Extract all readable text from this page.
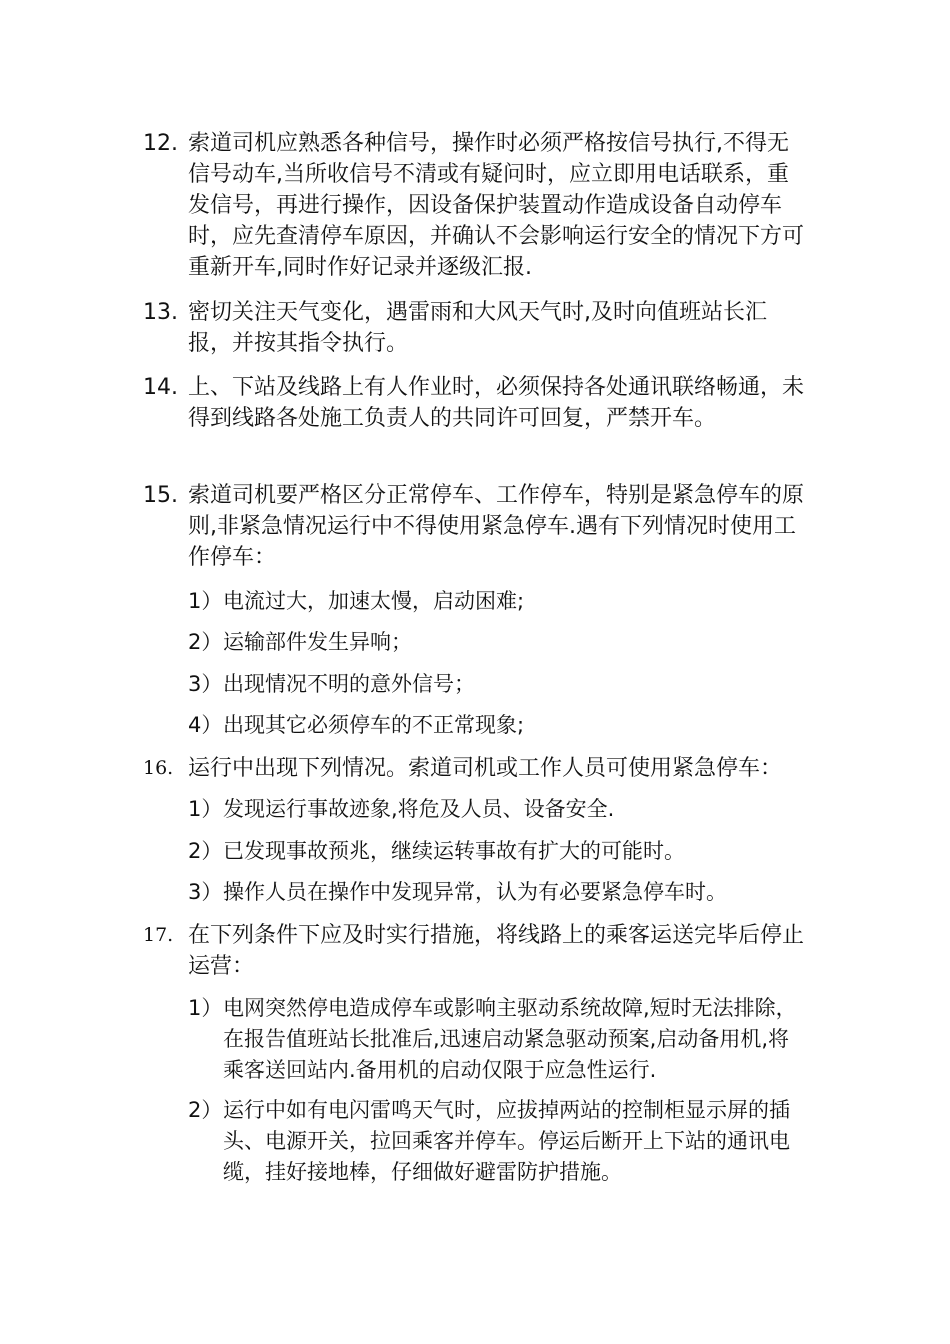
12. 索道司机应熟悉各种信号，操作时必须严格按信号执行,不得无信号动车,当所收信号不清或有疑问时，应立即用电话联系，重发信号，再进行操作，因设备保护装置动作造成设备自动停车时，应先查清停车原因，并确认不会影响运行安全的情况下方可重新开车,同时作好记录并逐级汇报.
13. 密切关注天气变化，遇雷雨和大风天气时,及时向值班站长汇报，并按其指令执行。
14. 上、下站及线路上有人作业时，必须保持各处通讯联络畅通，未得到线路各处施工负责人的共同许可回复，严禁开车。
15. 索道司机要严格区分正常停车、工作停车，特别是紧急停车的原则,非紧急情况运行中不得使用紧急停车.遇有下列情况时使用工作停车：
1） 电流过大，加速太慢，启动困难;
2） 运输部件发生异响；
3） 出现情况不明的意外信号；
4） 出现其它必须停车的不正常现象;
16. 运行中出现下列情况。索道司机或工作人员可使用紧急停车：
1） 发现运行事故迹象,将危及人员、设备安全.
2） 已发现事故预兆，继续运转事故有扩大的可能时。
3） 操作人员在操作中发现异常，认为有必要紧急停车时。
17. 在下列条件下应及时实行措施，将线路上的乘客运送完毕后停止运营：
1） 电网突然停电造成停车或影响主驱动系统故障,短时无法排除，在报告值班站长批准后,迅速启动紧急驱动预案,启动备用机,将乘客送回站内.备用机的启动仅限于应急性运行.
2） 运行中如有电闪雷鸣天气时，应拔掉两站的控制柜显示屏的插头、电源开关，拉回乘客并停车。停运后断开上下站的通讯电缆，挂好接地棒，仔细做好避雷防护措施。
